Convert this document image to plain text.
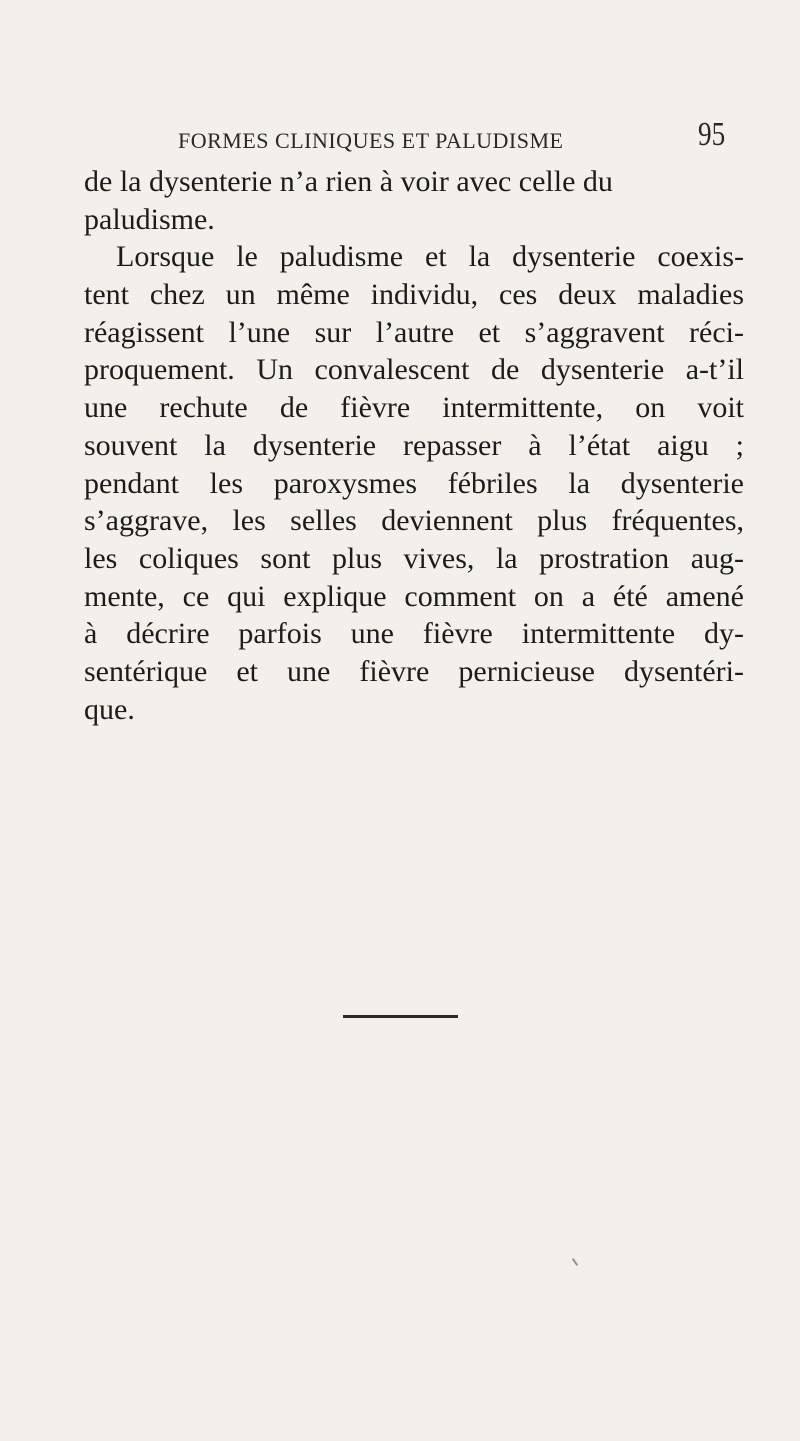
FORMES CLINIQUES ET PALUDISME	95
de la dysenterie n’a rien à voir avec celle du
paludisme.
Lorsque le paludisme et la dysenterie coexis-
tent chez un même individu, ces deux maladies
réagissent l’une sur l’autre et s’aggravent réci-
proquement. Un convalescent de dysenterie a-t’il
une rechute de fièvre intermittente, on voit
souvent la dysenterie repasser à l’état aigu ;
pendant les paroxysmes fébriles la dysenterie
s’aggrave, les selles deviennent plus fréquentes,
les coliques sont plus vives, la prostration aug-
mente, ce qui explique comment on a été amené
à décrire parfois une fièvre intermittente dy-
sentérique et une fièvre pernicieuse dysentéri-
que.
